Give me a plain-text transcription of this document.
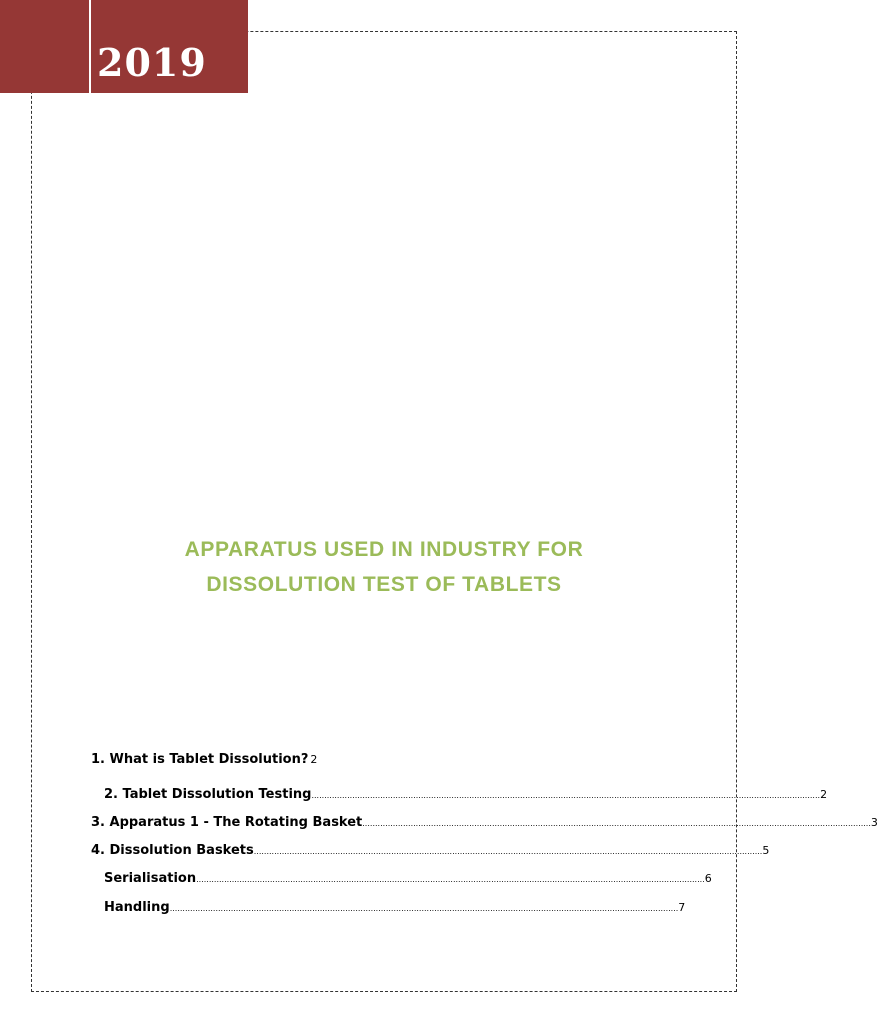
2019
APPARATUS USED IN INDUSTRY FOR
DISSOLUTION TEST OF TABLETS
1. What is Tablet Dissolution? 2
2. Tablet Dissolution Testing ........................................................................................................................................................................................................ 2
3. Apparatus 1 - The Rotating Basket ........................................................................................................................................................................................................ 3
4. Dissolution Baskets ........................................................................................................................................................................................................ 5
Serialisation ........................................................................................................................................................................................................ 6
Handling ........................................................................................................................................................................................................ 7
